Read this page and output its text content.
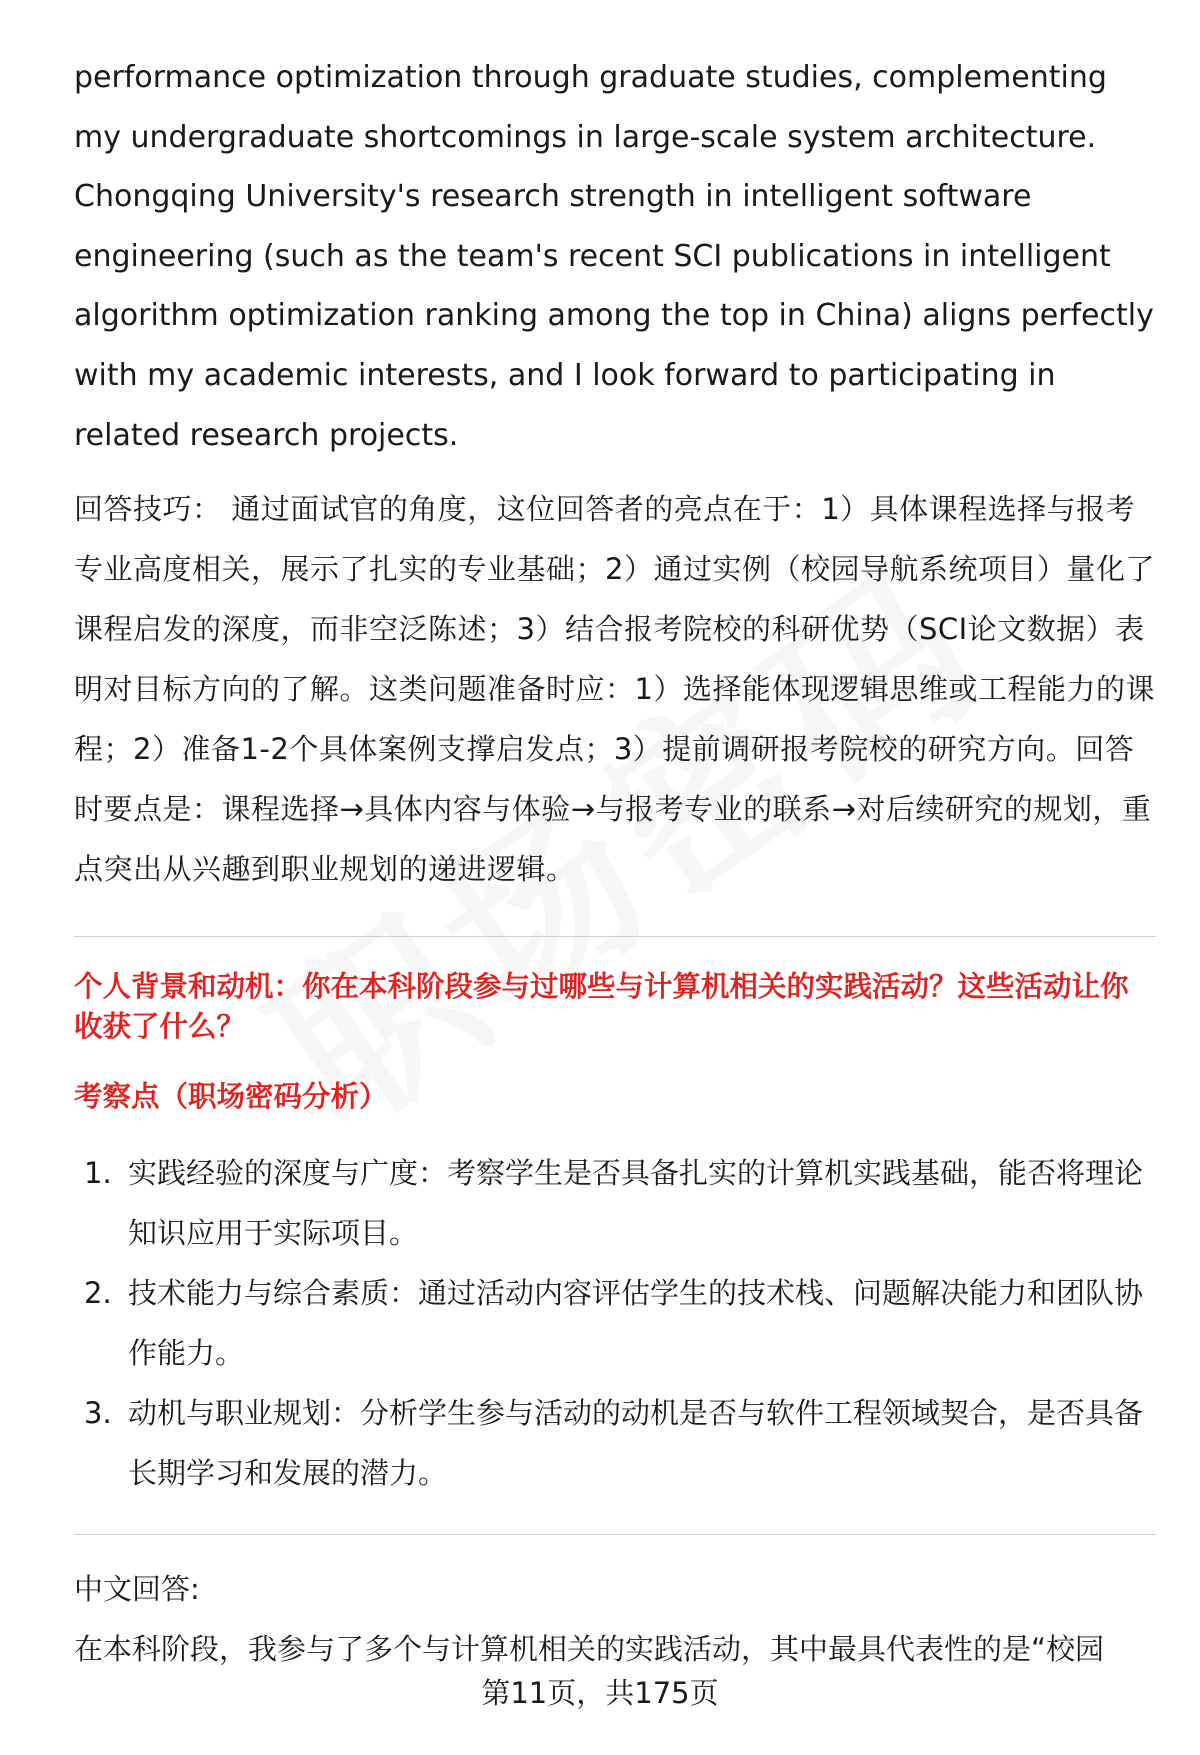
performance optimization through graduate studies, complementing my undergraduate shortcomings in large-scale system architecture. Chongqing University's research strength in intelligent software engineering (such as the team's recent SCI publications in intelligent algorithm optimization ranking among the top in China) aligns perfectly with my academic interests, and I look forward to participating in related research projects.

回答技巧： 通过面试官的角度，这位回答者的亮点在于：1）具体课程选择与报考专业高度相关，展示了扎实的专业基础；2）通过实例（校园导航系统项目）量化了课程启发的深度，而非空泛陈述；3）结合报考院校的科研优势（SCI论文数据）表明对目标方向的了解。这类问题准备时应：1）选择能体现逻辑思维或工程能力的课程；2）准备1-2个具体案例支撑启发点；3）提前调研报考院校的研究方向。回答时要点是：课程选择→具体内容与体验→与报考专业的联系→对后续研究的规划，重点突出从兴趣到职业规划的递进逻辑。

个人背景和动机：你在本科阶段参与过哪些与计算机相关的实践活动？这些活动让你收获了什么？

考察点（职场密码分析）

1. 实践经验的深度与广度：考察学生是否具备扎实的计算机实践基础，能否将理论知识应用于实际项目。
2. 技术能力与综合素质：通过活动内容评估学生的技术栈、问题解决能力和团队协作能力。
3. 动机与职业规划：分析学生参与活动的动机是否与软件工程领域契合，是否具备长期学习和发展的潜力。

中文回答:

在本科阶段，我参与了多个与计算机相关的实践活动，其中最具代表性的是“校园

第11页，共175页
